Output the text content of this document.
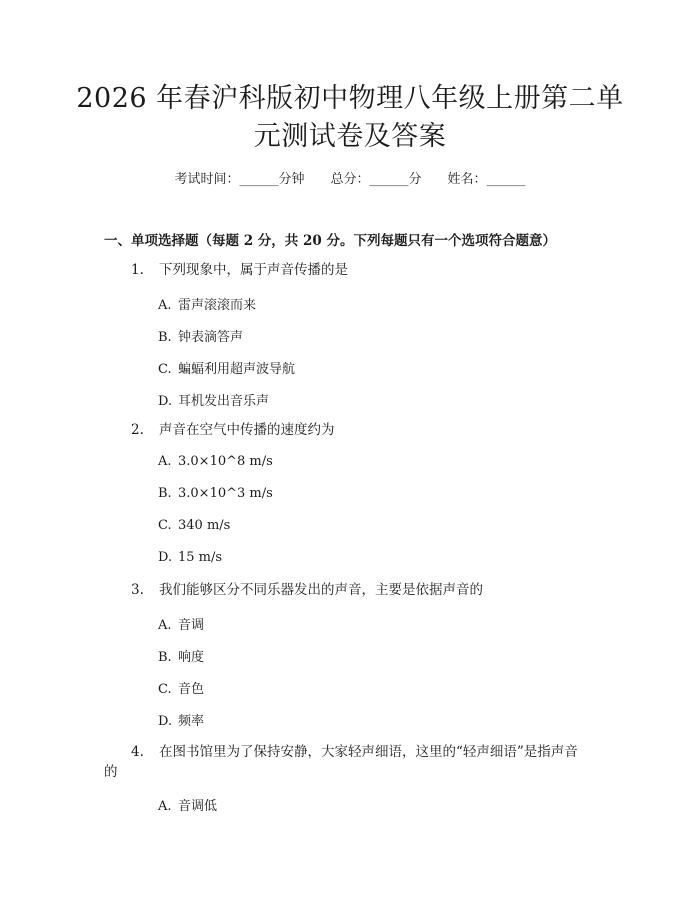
2026 年春沪科版初中物理八年级上册第二单
元测试卷及答案
考试时间：______分钟 总分：______分 姓名：______
一、单项选择题（每题 2 分，共 20 分。下列每题只有一个选项符合题意）
1. 下列现象中，属于声音传播的是
A. 雷声滚滚而来
B. 钟表滴答声
C. 蝙蝠利用超声波导航
D. 耳机发出音乐声
2. 声音在空气中传播的速度约为
A. 3.0×10^8 m/s
B. 3.0×10^3 m/s
C. 340 m/s
D. 15 m/s
3. 我们能够区分不同乐器发出的声音，主要是依据声音的
A. 音调
B. 响度
C. 音色
D. 频率
4. 在图书馆里为了保持安静，大家轻声细语，这里的“轻声细语”是指声音
的
A. 音调低
